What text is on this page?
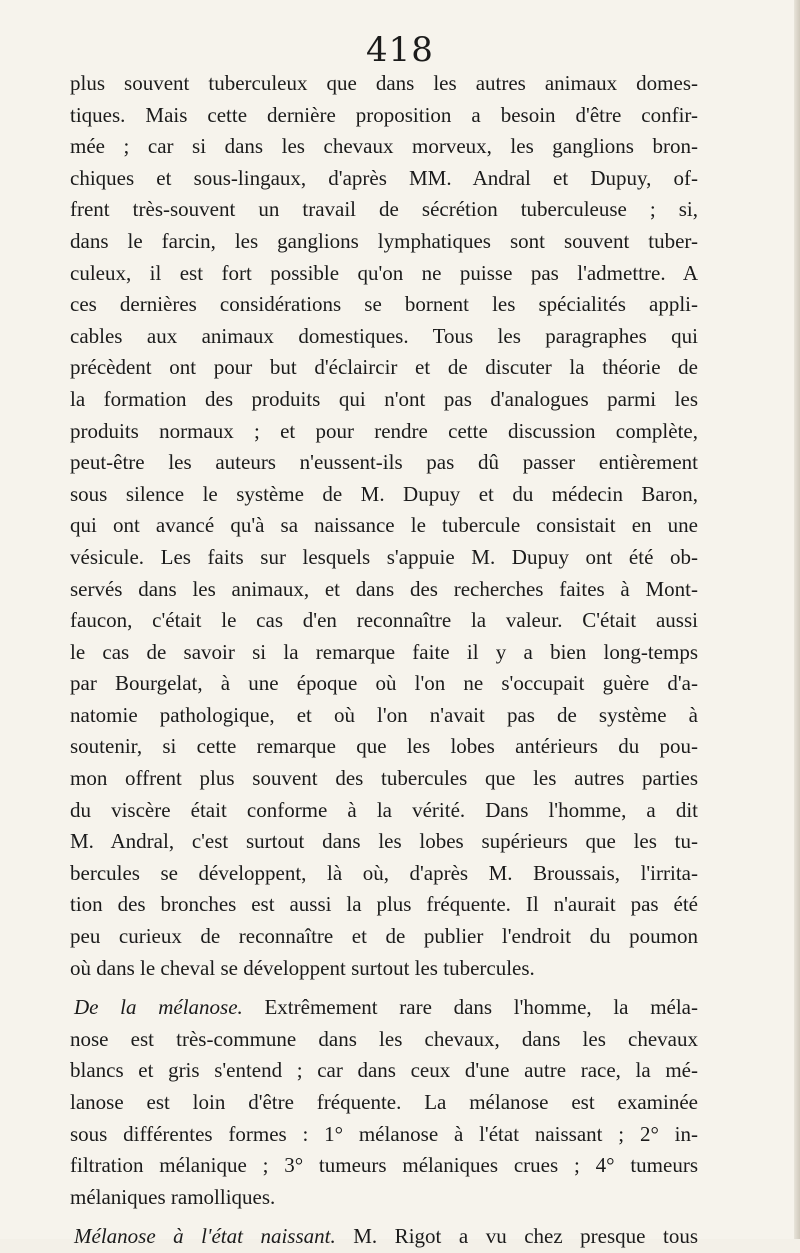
418
plus souvent tuberculeux que dans les autres animaux domes-
tiques. Mais cette dernière proposition a besoin d'être confir-
mée ; car si dans les chevaux morveux, les ganglions bron-
chiques et sous-lingaux, d'après MM. Andral et Dupuy, of-
frent très-souvent un travail de sécrétion tuberculeuse ; si,
dans le farcin, les ganglions lymphatiques sont souvent tuber-
culeux, il est fort possible qu'on ne puisse pas l'admettre. A
ces dernières considérations se bornent les spécialités appli-
cables aux animaux domestiques. Tous les paragraphes qui
précèdent ont pour but d'éclaircir et de discuter la théorie de
la formation des produits qui n'ont pas d'analogues parmi les
produits normaux ; et pour rendre cette discussion complète,
peut-être les auteurs n'eussent-ils pas dû passer entièrement
sous silence le système de M. Dupuy et du médecin Baron,
qui ont avancé qu'à sa naissance le tubercule consistait en une
vésicule. Les faits sur lesquels s'appuie M. Dupuy ont été ob-
servés dans les animaux, et dans des recherches faites à Mont-
faucon, c'était le cas d'en reconnaître la valeur. C'était aussi
le cas de savoir si la remarque faite il y a bien long-temps
par Bourgelat, à une époque où l'on ne s'occupait guère d'a-
natomie pathologique, et où l'on n'avait pas de système à
soutenir, si cette remarque que les lobes antérieurs du pou-
mon offrent plus souvent des tubercules que les autres parties
du viscère était conforme à la vérité. Dans l'homme, a dit
M. Andral, c'est surtout dans les lobes supérieurs que les tu-
bercules se développent, là où, d'après M. Broussais, l'irrita-
tion des bronches est aussi la plus fréquente. Il n'aurait pas été
peu curieux de reconnaître et de publier l'endroit du poumon
où dans le cheval se développent surtout les tubercules.
De la mélanose. Extrêmement rare dans l'homme, la méla-
nose est très-commune dans les chevaux, dans les chevaux
blancs et gris s'entend ; car dans ceux d'une autre race, la mé-
lanose est loin d'être fréquente. La mélanose est examinée
sous différentes formes : 1° mélanose à l'état naissant ; 2° in-
filtration mélanique ; 3° tumeurs mélaniques crues ; 4° tumeurs
mélaniques ramolliques.
Mélanose à l'état naissant. M. Rigot a vu chez presque tous
